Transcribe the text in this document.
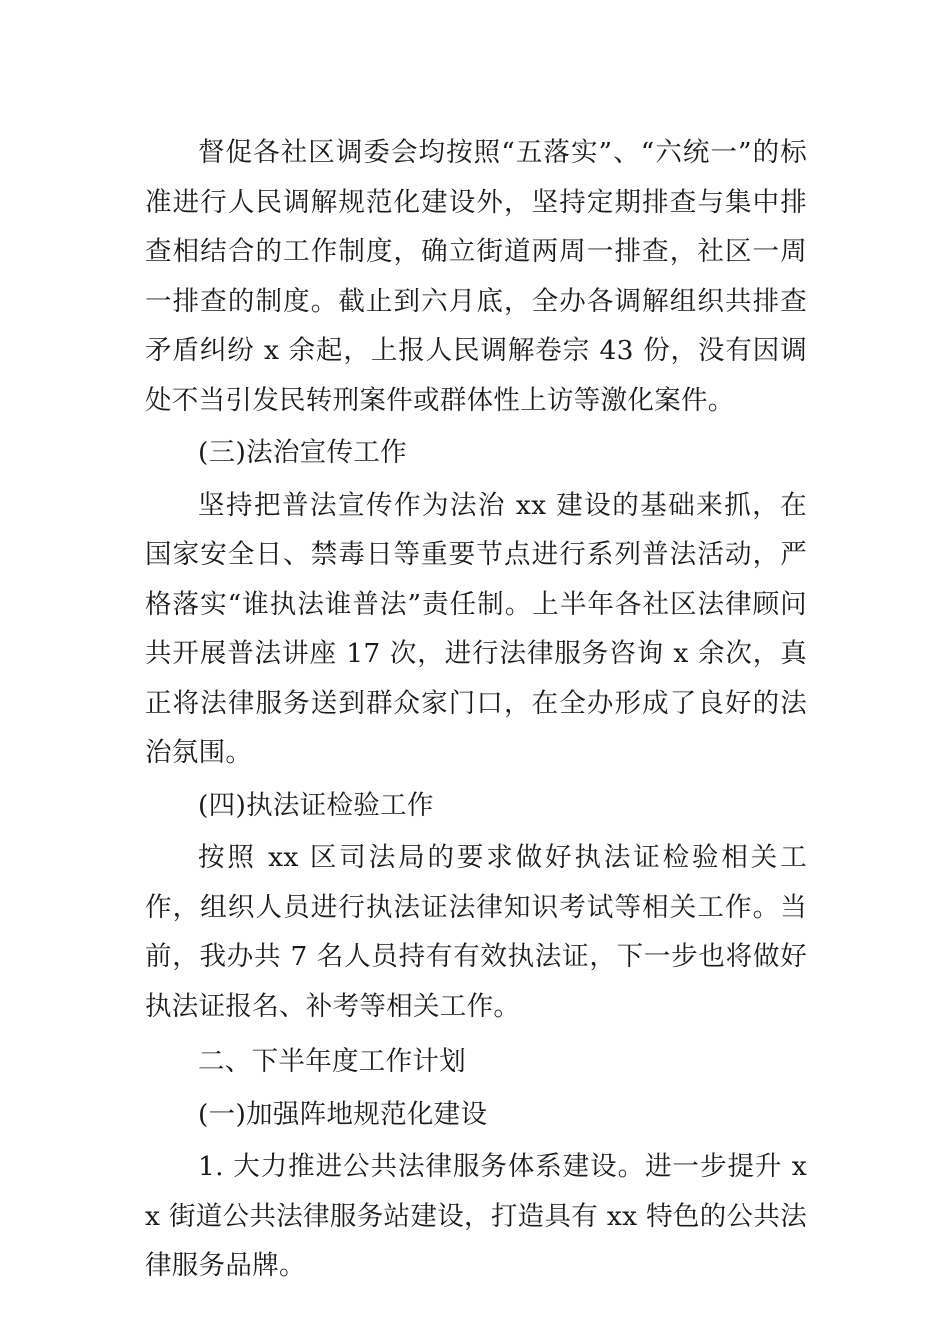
督促各社区调委会均按照“五落实”、“六统一”的标准进行人民调解规范化建设外，坚持定期排查与集中排查相结合的工作制度，确立街道两周一排查，社区一周一排查的制度。截止到六月底，全办各调解组织共排查矛盾纠纷 x 余起，上报人民调解卷宗 43 份，没有因调处不当引发民转刑案件或群体性上访等激化案件。

(三)法治宣传工作

坚持把普法宣传作为法治 xx 建设的基础来抓，在国家安全日、禁毒日等重要节点进行系列普法活动，严格落实“谁执法谁普法”责任制。上半年各社区法律顾问共开展普法讲座 17 次，进行法律服务咨询 x 余次，真正将法律服务送到群众家门口，在全办形成了良好的法治氛围。

(四)执法证检验工作

按照 xx 区司法局的要求做好执法证检验相关工作，组织人员进行执法证法律知识考试等相关工作。当前，我办共 7 名人员持有有效执法证，下一步也将做好执法证报名、补考等相关工作。

二、下半年度工作计划

(一)加强阵地规范化建设

1. 大力推进公共法律服务体系建设。进一步提升 xx 街道公共法律服务站建设，打造具有 xx 特色的公共法律服务品牌。
